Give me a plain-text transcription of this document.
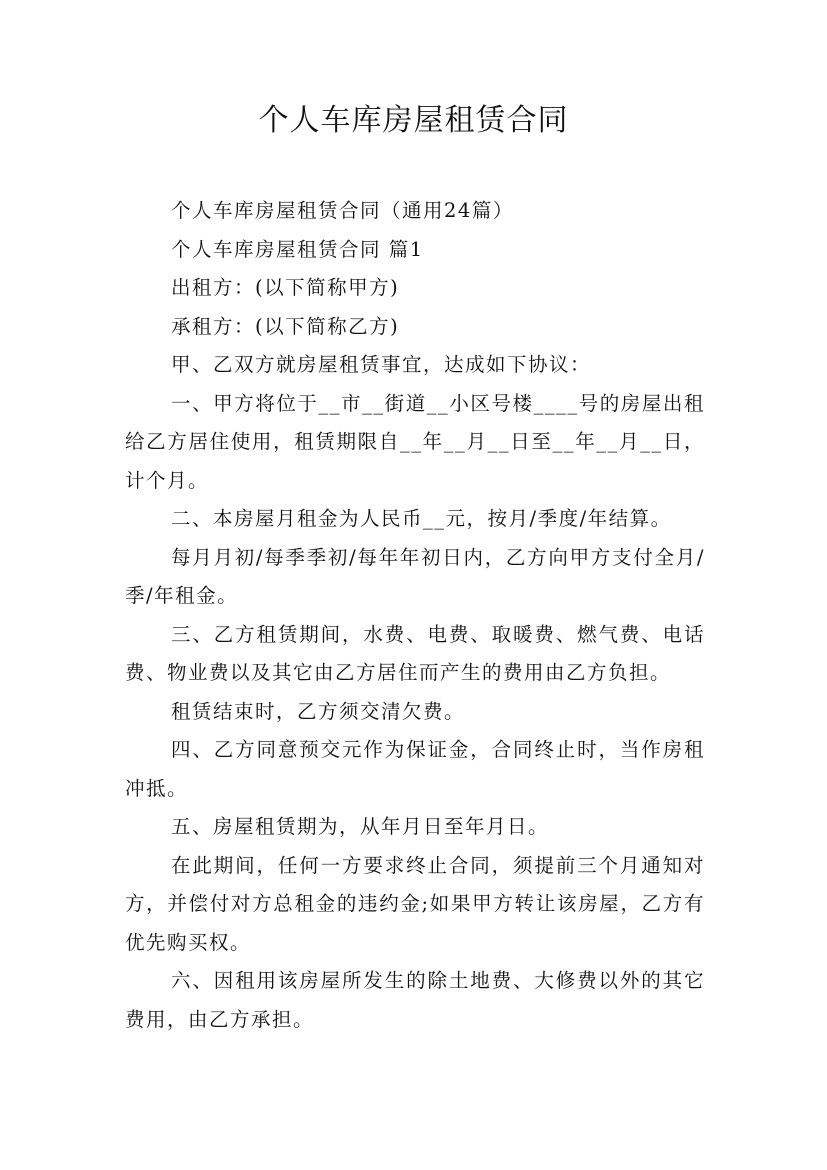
个人车库房屋租赁合同

个人车库房屋租赁合同（通用24篇）

个人车库房屋租赁合同 篇1

出租方：(以下简称甲方)

承租方：(以下简称乙方)

甲、乙双方就房屋租赁事宜，达成如下协议：

一、甲方将位于__市__街道__小区号楼____号的房屋出租给乙方居住使用，租赁期限自__年__月__日至__年__月__日，计个月。

二、本房屋月租金为人民币__元，按月/季度/年结算。

每月月初/每季季初/每年年初日内，乙方向甲方支付全月/季/年租金。

三、乙方租赁期间，水费、电费、取暖费、燃气费、电话费、物业费以及其它由乙方居住而产生的费用由乙方负担。

租赁结束时，乙方须交清欠费。

四、乙方同意预交元作为保证金，合同终止时，当作房租冲抵。

五、房屋租赁期为，从年月日至年月日。

在此期间，任何一方要求终止合同，须提前三个月通知对方，并偿付对方总租金的违约金;如果甲方转让该房屋，乙方有优先购买权。

六、因租用该房屋所发生的除土地费、大修费以外的其它费用，由乙方承担。
